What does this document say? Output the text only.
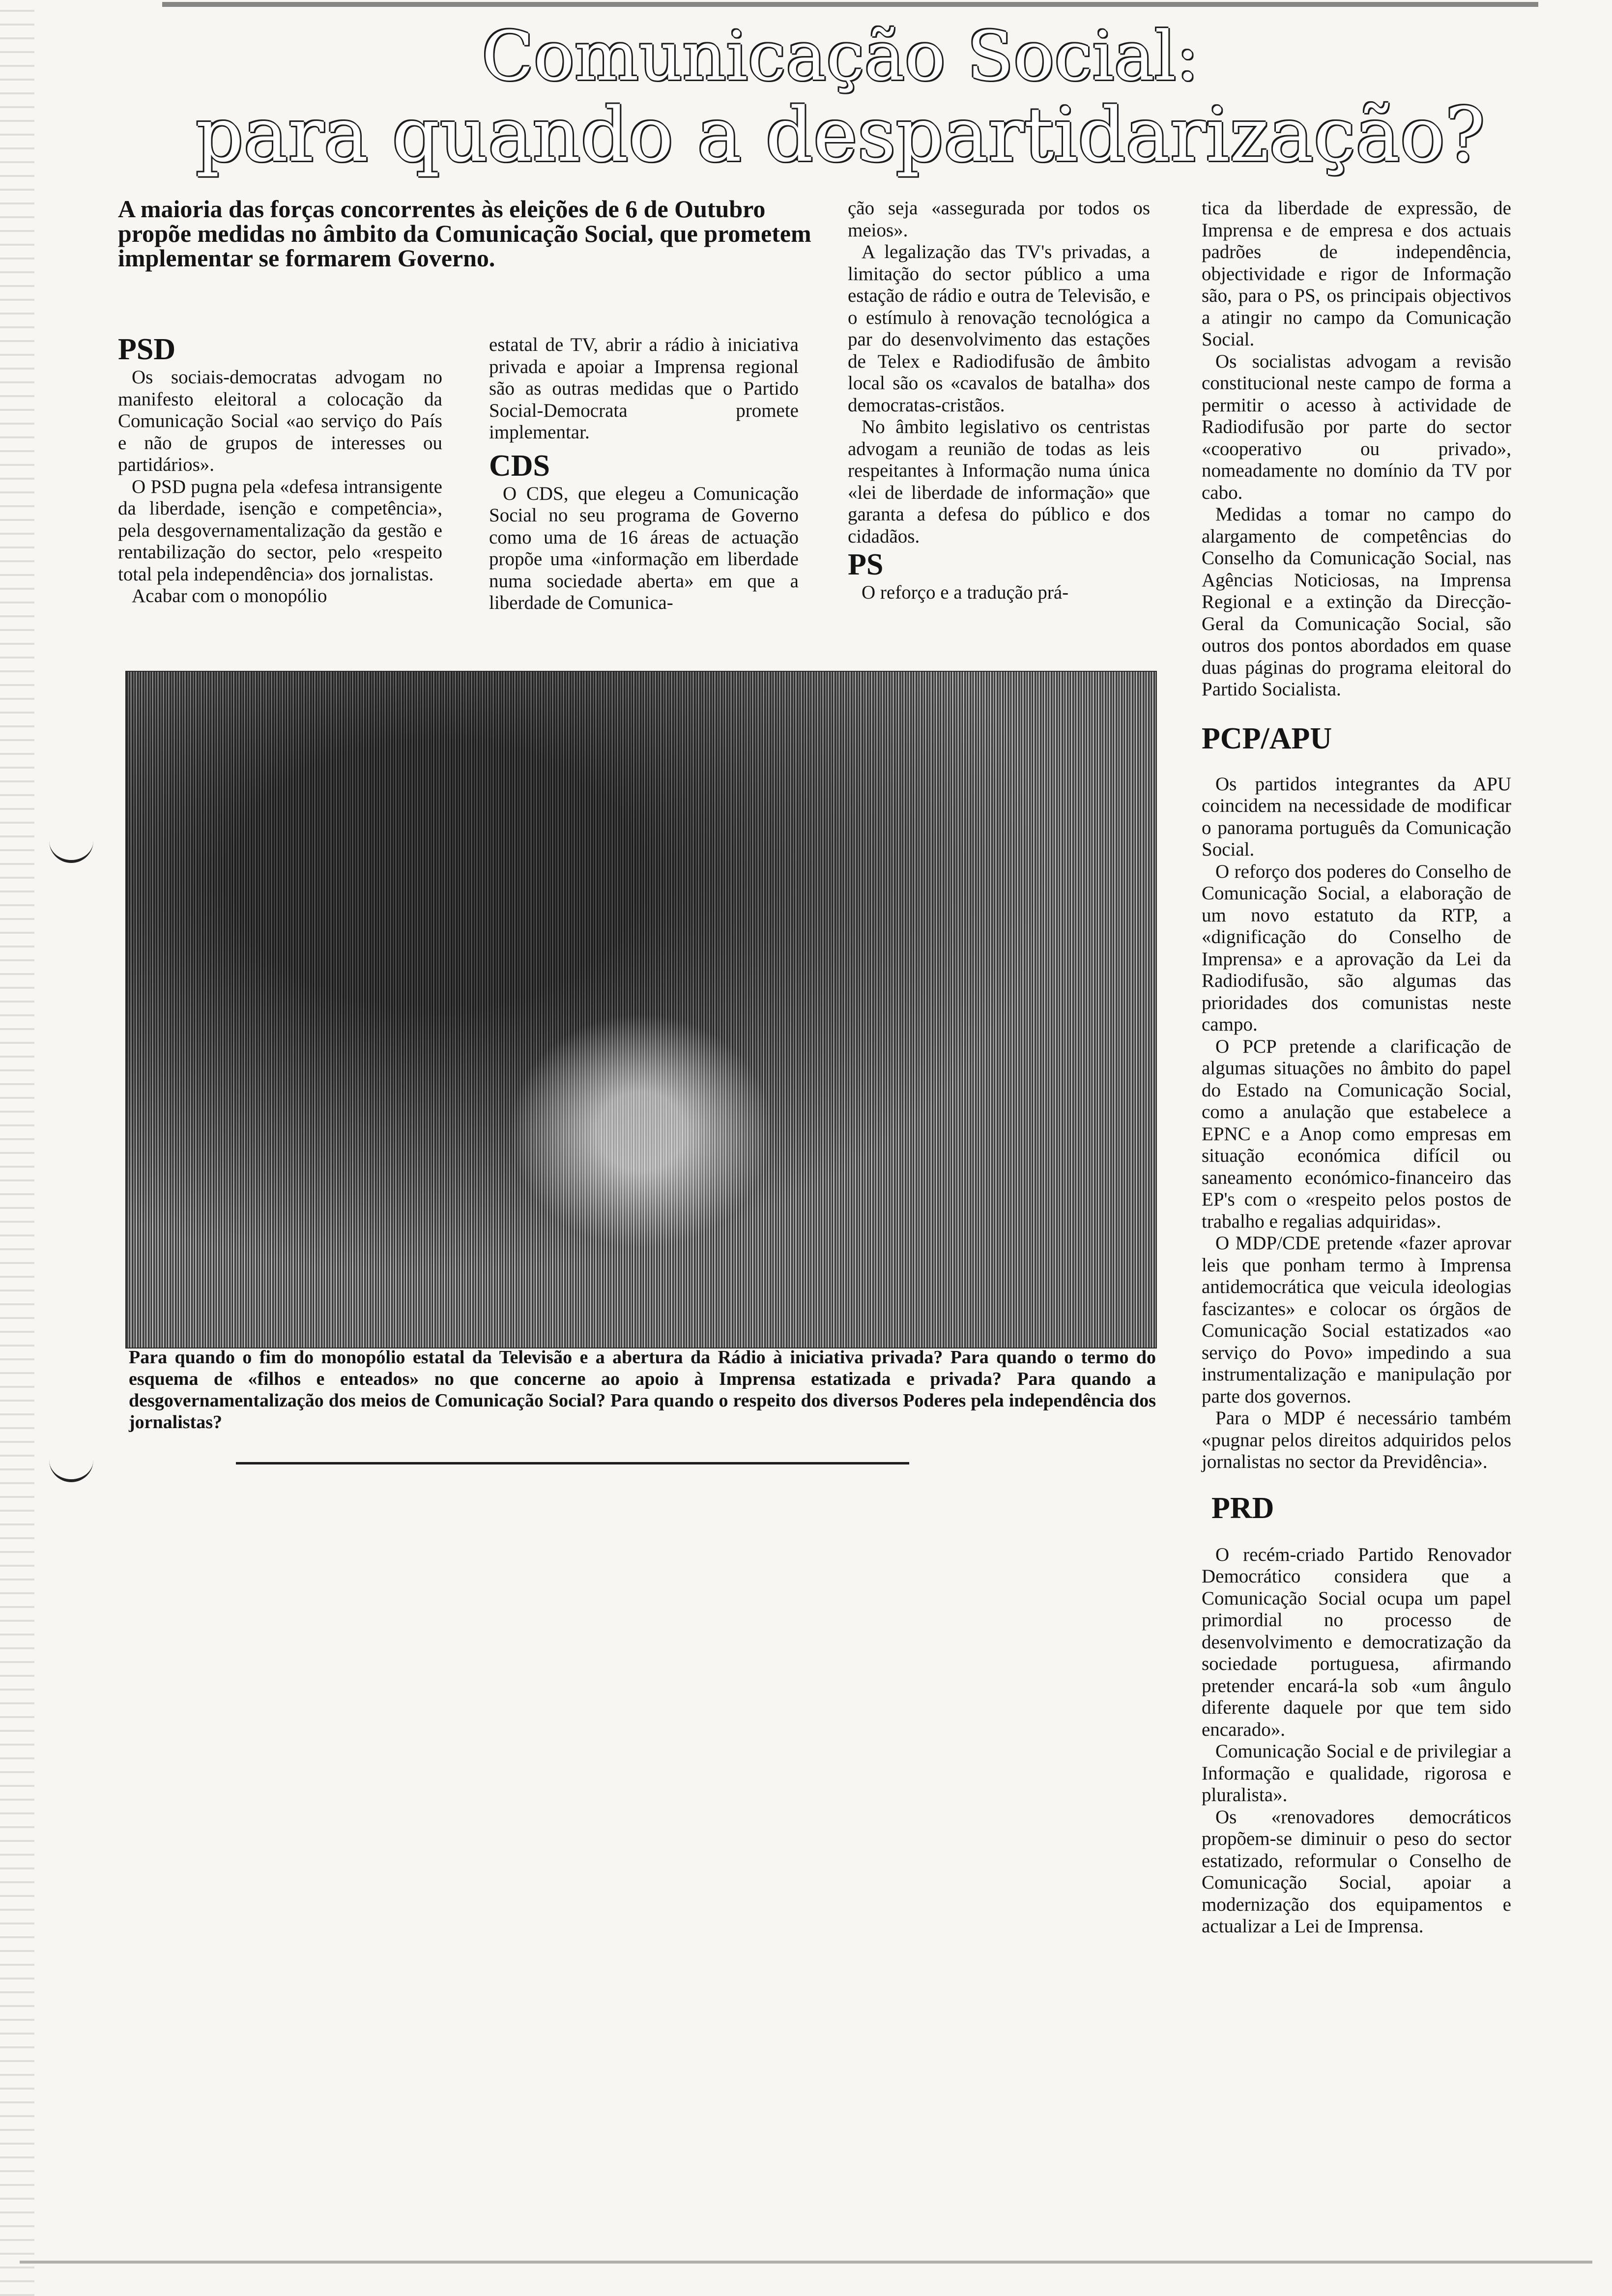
Comunicação Social:
para quando a despartidarização?
A maioria das forças concorrentes às eleições de 6 de Outubro propõe medidas no âmbito da Comunicação Social, que prometem implementar se formarem Governo.
PSD

Os sociais-democratas advogam no manifesto eleitoral a colocação da Comunicação Social «ao serviço do País e não de grupos de interesses ou partidários».

O PSD pugna pela «defesa intransigente da liberdade, isenção e competência», pela desgovernamentalização da gestão e rentabilização do sector, pelo «respeito total pela independência» dos jornalistas.

Acabar com o monopólio

estatal de TV, abrir a rádio à iniciativa privada e apoiar a Imprensa regional são as outras medidas que o Partido Social-Democrata promete implementar.

CDS

O CDS, que elegeu a Comunicação Social no seu programa de Governo como uma de 16 áreas de actuação propõe uma «informação em liberdade numa sociedade aberta» em que a liberdade de Comunica-

ção seja «assegurada por todos os meios».

A legalização das TV's privadas, a limitação do sector público a uma estação de rádio e outra de Televisão, e o estímulo à renovação tecnológica a par do desenvolvimento das estações de Telex e Radiodifusão de âmbito local são os «cavalos de batalha» dos democratas-cristãos.

No âmbito legislativo os centristas advogam a reunião de todas as leis respeitantes à Informação numa única «lei de liberdade de informação» que garanta a defesa do público e dos cidadãos.

PS

O reforço e a tradução prá-

tica da liberdade de expressão, de Imprensa e de empresa e dos actuais padrões de independência, objectividade e rigor de Informação são, para o PS, os principais objectivos a atingir no campo da Comunicação Social.

Os socialistas advogam a revisão constitucional neste campo de forma a permitir o acesso à actividade de Radiodifusão por parte do sector «cooperativo ou privado», nomeadamente no domínio da TV por cabo.

Medidas a tomar no campo do alargamento de competências do Conselho da Comunicação Social, nas Agências Noticiosas, na Imprensa Regional e a extinção da Direcção-Geral da Comunicação Social, são outros dos pontos abordados em quase duas páginas do programa eleitoral do Partido Socialista.

PCP/APU

Os partidos integrantes da APU coincidem na necessidade de modificar o panorama português da Comunicação Social.

O reforço dos poderes do Conselho de Comunicação Social, a elaboração de um novo estatuto da RTP, a «dignificação do Conselho de Imprensa» e a aprovação da Lei da Radiodifusão, são algumas das prioridades dos comunistas neste campo.

O PCP pretende a clarificação de algumas situações no âmbito do papel do Estado na Comunicação Social, como a anulação que estabelece a EPNC e a Anop como empresas em situação económica difícil ou saneamento económico-financeiro das EP's com o «respeito pelos postos de trabalho e regalias adquiridas».

O MDP/CDE pretende «fazer aprovar leis que ponham termo à Imprensa antidemocrática que veicula ideologias fascizantes» e colocar os órgãos de Comunicação Social estatizados «ao serviço do Povo» impedindo a sua instrumentalização e manipulação por parte dos governos.

Para o MDP é necessário também «pugnar pelos direitos adquiridos pelos jornalistas no sector da Previdência».

PRD

O recém-criado Partido Renovador Democrático considera que a Comunicação Social ocupa um papel primordial no processo de desenvolvimento e democratização da sociedade portuguesa, afirmando pretender encará-la sob «um ângulo diferente daquele por que tem sido encarado».

Comunicação Social e de privilegiar a Informação e qualidade, rigorosa e pluralista».

Os «renovadores democráticos propõem-se diminuir o peso do sector estatizado, reformular o Conselho de Comunicação Social, apoiar a modernização dos equipamentos e actualizar a Lei de Imprensa.

Para quando o fim do monopólio estatal da Televisão e a abertura da Rádio à iniciativa privada? Para quando o termo do esquema de «filhos e enteados» no que concerne ao apoio à Imprensa estatizada e privada? Para quando a desgovernamentalização dos meios de Comunicação Social? Para quando o respeito dos diversos Poderes pela independência dos jornalistas?
